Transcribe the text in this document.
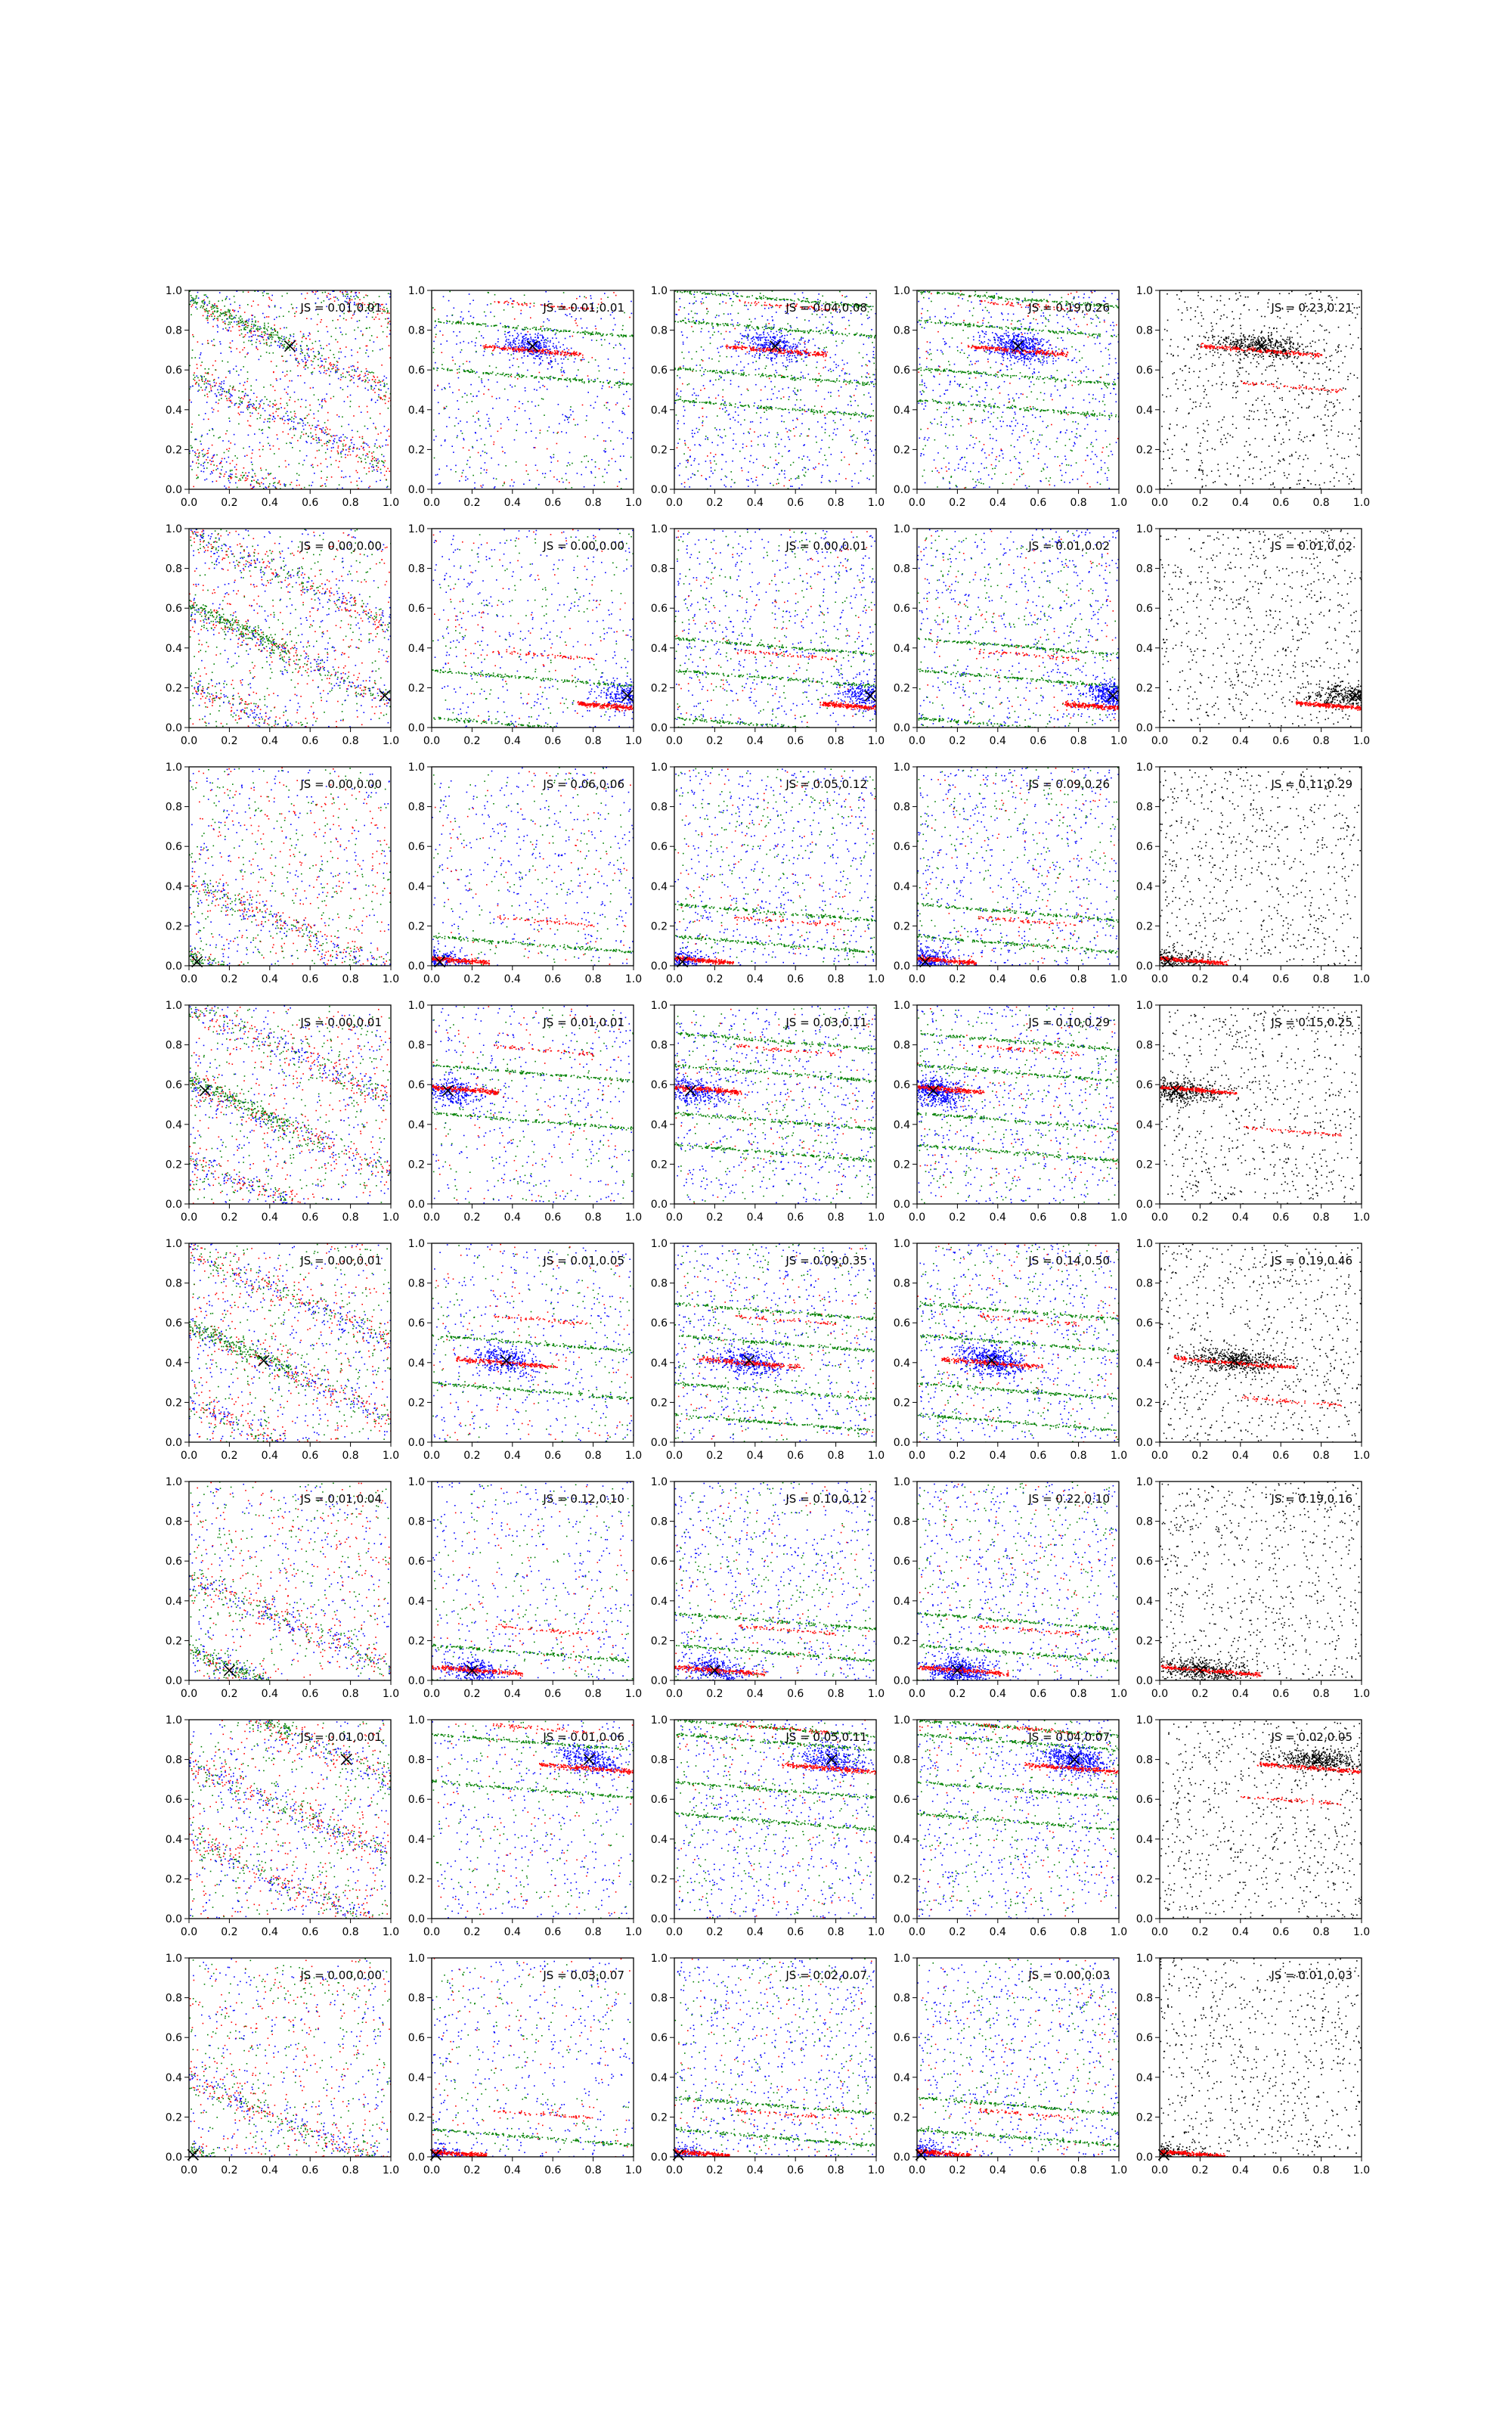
0.0 0.2 0.4 0.6 0.8 1.0
0.0
0.2
0.4
0.6
0.8
1.0
JS = 0.01,0.01
0.0 0.2 0.4 0.6 0.8 1.0
0.0
0.2
0.4
0.6
0.8
1.0
JS = 0.01,0.01
0.0 0.2 0.4 0.6 0.8 1.0
0.0
0.2
0.4
0.6
0.8
1.0
JS = 0.04,0.08
0.0 0.2 0.4 0.6 0.8 1.0
0.0
0.2
0.4
0.6
0.8
1.0
JS = 0.19,0.26
0.0 0.2 0.4 0.6 0.8 1.0
0.0
0.2
0.4
0.6
0.8
1.0
JS = 0.23,0.21
0.0 0.2 0.4 0.6 0.8 1.0
0.0
0.2
0.4
0.6
0.8
1.0
JS = 0.00,0.00
0.0 0.2 0.4 0.6 0.8 1.0
0.0
0.2
0.4
0.6
0.8
1.0
JS = 0.00,0.00
0.0 0.2 0.4 0.6 0.8 1.0
0.0
0.2
0.4
0.6
0.8
1.0
JS = 0.00,0.01
0.0 0.2 0.4 0.6 0.8 1.0
0.0
0.2
0.4
0.6
0.8
1.0
JS = 0.01,0.02
0.0 0.2 0.4 0.6 0.8 1.0
0.0
0.2
0.4
0.6
0.8
1.0
JS = 0.01,0.02
0.0 0.2 0.4 0.6 0.8 1.0
0.0
0.2
0.4
0.6
0.8
1.0
JS = 0.00,0.00
0.0 0.2 0.4 0.6 0.8 1.0
0.0
0.2
0.4
0.6
0.8
1.0
JS = 0.06,0.06
0.0 0.2 0.4 0.6 0.8 1.0
0.0
0.2
0.4
0.6
0.8
1.0
JS = 0.05,0.12
0.0 0.2 0.4 0.6 0.8 1.0
0.0
0.2
0.4
0.6
0.8
1.0
JS = 0.09,0.26
0.0 0.2 0.4 0.6 0.8 1.0
0.0
0.2
0.4
0.6
0.8
1.0
JS = 0.11,0.29
0.0 0.2 0.4 0.6 0.8 1.0
0.0
0.2
0.4
0.6
0.8
1.0
JS = 0.00,0.01
0.0 0.2 0.4 0.6 0.8 1.0
0.0
0.2
0.4
0.6
0.8
1.0
JS = 0.01,0.01
0.0 0.2 0.4 0.6 0.8 1.0
0.0
0.2
0.4
0.6
0.8
1.0
JS = 0.03,0.11
0.0 0.2 0.4 0.6 0.8 1.0
0.0
0.2
0.4
0.6
0.8
1.0
JS = 0.10,0.29
0.0 0.2 0.4 0.6 0.8 1.0
0.0
0.2
0.4
0.6
0.8
1.0
JS = 0.15,0.25
0.0 0.2 0.4 0.6 0.8 1.0
0.0
0.2
0.4
0.6
0.8
1.0
JS = 0.00,0.01
0.0 0.2 0.4 0.6 0.8 1.0
0.0
0.2
0.4
0.6
0.8
1.0
JS = 0.01,0.05
0.0 0.2 0.4 0.6 0.8 1.0
0.0
0.2
0.4
0.6
0.8
1.0
JS = 0.09,0.35
0.0 0.2 0.4 0.6 0.8 1.0
0.0
0.2
0.4
0.6
0.8
1.0
JS = 0.14,0.50
0.0 0.2 0.4 0.6 0.8 1.0
0.0
0.2
0.4
0.6
0.8
1.0
JS = 0.19,0.46
0.0 0.2 0.4 0.6 0.8 1.0
0.0
0.2
0.4
0.6
0.8
1.0
JS = 0.01,0.04
0.0 0.2 0.4 0.6 0.8 1.0
0.0
0.2
0.4
0.6
0.8
1.0
JS = 0.12,0.10
0.0 0.2 0.4 0.6 0.8 1.0
0.0
0.2
0.4
0.6
0.8
1.0
JS = 0.10,0.12
0.0 0.2 0.4 0.6 0.8 1.0
0.0
0.2
0.4
0.6
0.8
1.0
JS = 0.22,0.10
0.0 0.2 0.4 0.6 0.8 1.0
0.0
0.2
0.4
0.6
0.8
1.0
JS = 0.19,0.16
0.0 0.2 0.4 0.6 0.8 1.0
0.0
0.2
0.4
0.6
0.8
1.0
JS = 0.01,0.01
0.0 0.2 0.4 0.6 0.8 1.0
0.0
0.2
0.4
0.6
0.8
1.0
JS = 0.01,0.06
0.0 0.2 0.4 0.6 0.8 1.0
0.0
0.2
0.4
0.6
0.8
1.0
JS = 0.05,0.11
0.0 0.2 0.4 0.6 0.8 1.0
0.0
0.2
0.4
0.6
0.8
1.0
JS = 0.04,0.07
0.0 0.2 0.4 0.6 0.8 1.0
0.0
0.2
0.4
0.6
0.8
1.0
JS = 0.02,0.05
0.0 0.2 0.4 0.6 0.8 1.0
0.0
0.2
0.4
0.6
0.8
1.0
JS = 0.00,0.00
0.0 0.2 0.4 0.6 0.8 1.0
0.0
0.2
0.4
0.6
0.8
1.0
JS = 0.03,0.07
0.0 0.2 0.4 0.6 0.8 1.0
0.0
0.2
0.4
0.6
0.8
1.0
JS = 0.02,0.07
0.0 0.2 0.4 0.6 0.8 1.0
0.0
0.2
0.4
0.6
0.8
1.0
JS = 0.00,0.03
0.0 0.2 0.4 0.6 0.8 1.0
0.0
0.2
0.4
0.6
0.8
1.0
JS = 0.01,0.03
